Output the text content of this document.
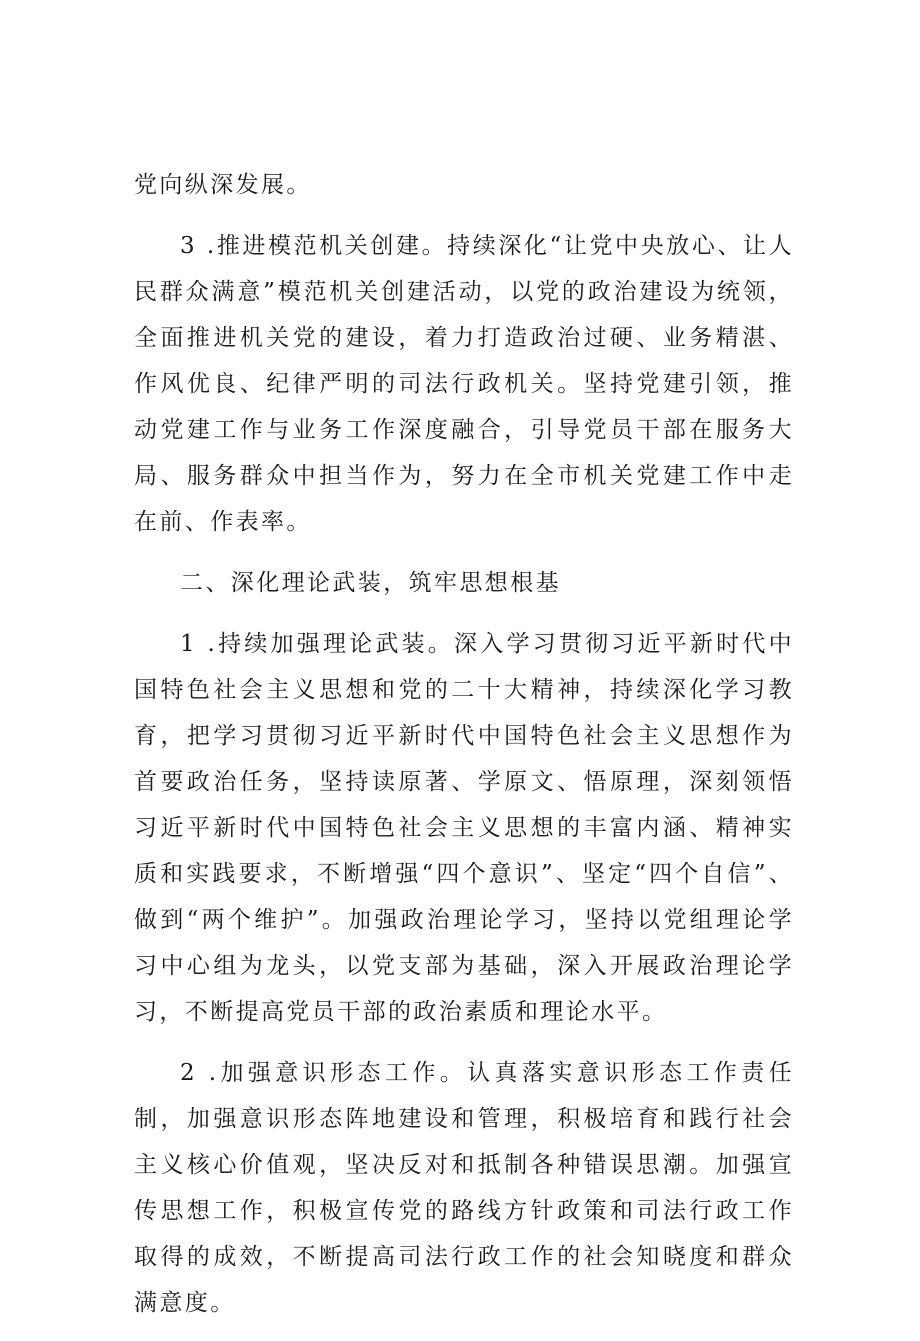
党向纵深发展。

3 .推进模范机关创建。持续深化“让党中央放心、让人民群众满意”模范机关创建活动，以党的政治建设为统领，全面推进机关党的建设，着力打造政治过硬、业务精湛、作风优良、纪律严明的司法行政机关。坚持党建引领，推动党建工作与业务工作深度融合，引导党员干部在服务大局、服务群众中担当作为，努力在全市机关党建工作中走在前、作表率。

二、深化理论武装，筑牢思想根基

1 .持续加强理论武装。深入学习贯彻习近平新时代中国特色社会主义思想和党的二十大精神，持续深化学习教育，把学习贯彻习近平新时代中国特色社会主义思想作为首要政治任务，坚持读原著、学原文、悟原理，深刻领悟习近平新时代中国特色社会主义思想的丰富内涵、精神实质和实践要求，不断增强“四个意识”、坚定“四个自信”、做到“两个维护”。加强政治理论学习，坚持以党组理论学习中心组为龙头，以党支部为基础，深入开展政治理论学习，不断提高党员干部的政治素质和理论水平。

2 .加强意识形态工作。认真落实意识形态工作责任制，加强意识形态阵地建设和管理，积极培育和践行社会主义核心价值观，坚决反对和抵制各种错误思潮。加强宣传思想工作，积极宣传党的路线方针政策和司法行政工作取得的成效，不断提高司法行政工作的社会知晓度和群众满意度。
